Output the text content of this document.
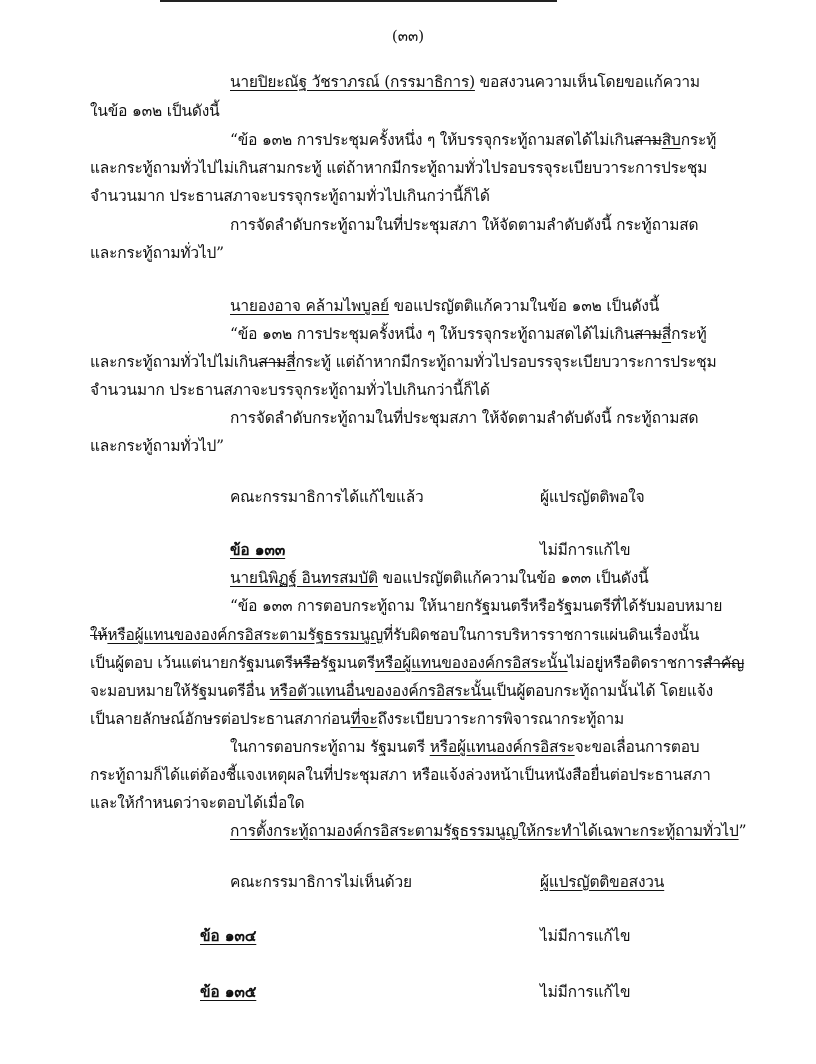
(๓๓)
นายปิยะณัฐ วัชราภรณ์ (กรรมาธิการ) ขอสงวนความเห็นโดยขอแก้ความ
ในข้อ ๑๓๒ เป็นดังนี้
“ข้อ ๑๓๒ การประชุมครั้งหนึ่ง ๆ ให้บรรจุกระทู้ถามสดได้ไม่เกินสามสิบกระทู้
และกระทู้ถามทั่วไปไม่เกินสามกระทู้ แต่ถ้าหากมีกระทู้ถามทั่วไปรอบรรจุระเบียบวาระการประชุม
จำนวนมาก ประธานสภาจะบรรจุกระทู้ถามทั่วไปเกินกว่านี้ก็ได้
การจัดลำดับกระทู้ถามในที่ประชุมสภา ให้จัดตามลำดับดังนี้ กระทู้ถามสด
และกระทู้ถามทั่วไป”
นายองอาจ คล้ามไพบูลย์ ขอแปรญัตติแก้ความในข้อ ๑๓๒ เป็นดังนี้
“ข้อ ๑๓๒ การประชุมครั้งหนึ่ง ๆ ให้บรรจุกระทู้ถามสดได้ไม่เกินสามสี่กระทู้
และกระทู้ถามทั่วไปไม่เกินสามสี่กระทู้ แต่ถ้าหากมีกระทู้ถามทั่วไปรอบรรจุระเบียบวาระการประชุม
จำนวนมาก ประธานสภาจะบรรจุกระทู้ถามทั่วไปเกินกว่านี้ก็ได้
การจัดลำดับกระทู้ถามในที่ประชุมสภา ให้จัดตามลำดับดังนี้ กระทู้ถามสด
และกระทู้ถามทั่วไป”
คณะกรรมาธิการได้แก้ไขแล้ว	ผู้แปรญัตติพอใจ
ข้อ ๑๓๓	ไม่มีการแก้ไข
นายนิพิฏฐ์ อินทรสมบัติ ขอแปรญัตติแก้ความในข้อ ๑๓๓ เป็นดังนี้
“ข้อ ๑๓๓ การตอบกระทู้ถาม ให้นายกรัฐมนตรีหรือรัฐมนตรีที่ได้รับมอบหมาย
ให้หรือผู้แทนขององค์กรอิสระตามรัฐธรรมนูญที่รับผิดชอบในการบริหารราชการแผ่นดินเรื่องนั้น
เป็นผู้ตอบ เว้นแต่นายกรัฐมนตรีหรือรัฐมนตรีหรือผู้แทนขององค์กรอิสระนั้นไม่อยู่หรือติดราชการสำคัญ
จะมอบหมายให้รัฐมนตรีอื่น หรือตัวแทนอื่นขององค์กรอิสระนั้นเป็นผู้ตอบกระทู้ถามนั้นได้ โดยแจ้ง
เป็นลายลักษณ์อักษรต่อประธานสภาก่อนที่จะถึงระเบียบวาระการพิจารณากระทู้ถาม
ในการตอบกระทู้ถาม รัฐมนตรี หรือผู้แทนองค์กรอิสระจะขอเลื่อนการตอบ
กระทู้ถามก็ได้แต่ต้องชี้แจงเหตุผลในที่ประชุมสภา หรือแจ้งล่วงหน้าเป็นหนังสือยื่นต่อประธานสภา
และให้กำหนดว่าจะตอบได้เมื่อใด
การตั้งกระทู้ถามองค์กรอิสระตามรัฐธรรมนูญให้กระทำได้เฉพาะกระทู้ถามทั่วไป”
คณะกรรมาธิการไม่เห็นด้วย	ผู้แปรญัตติขอสงวน
ข้อ ๑๓๔	ไม่มีการแก้ไข
ข้อ ๑๓๕	ไม่มีการแก้ไข
